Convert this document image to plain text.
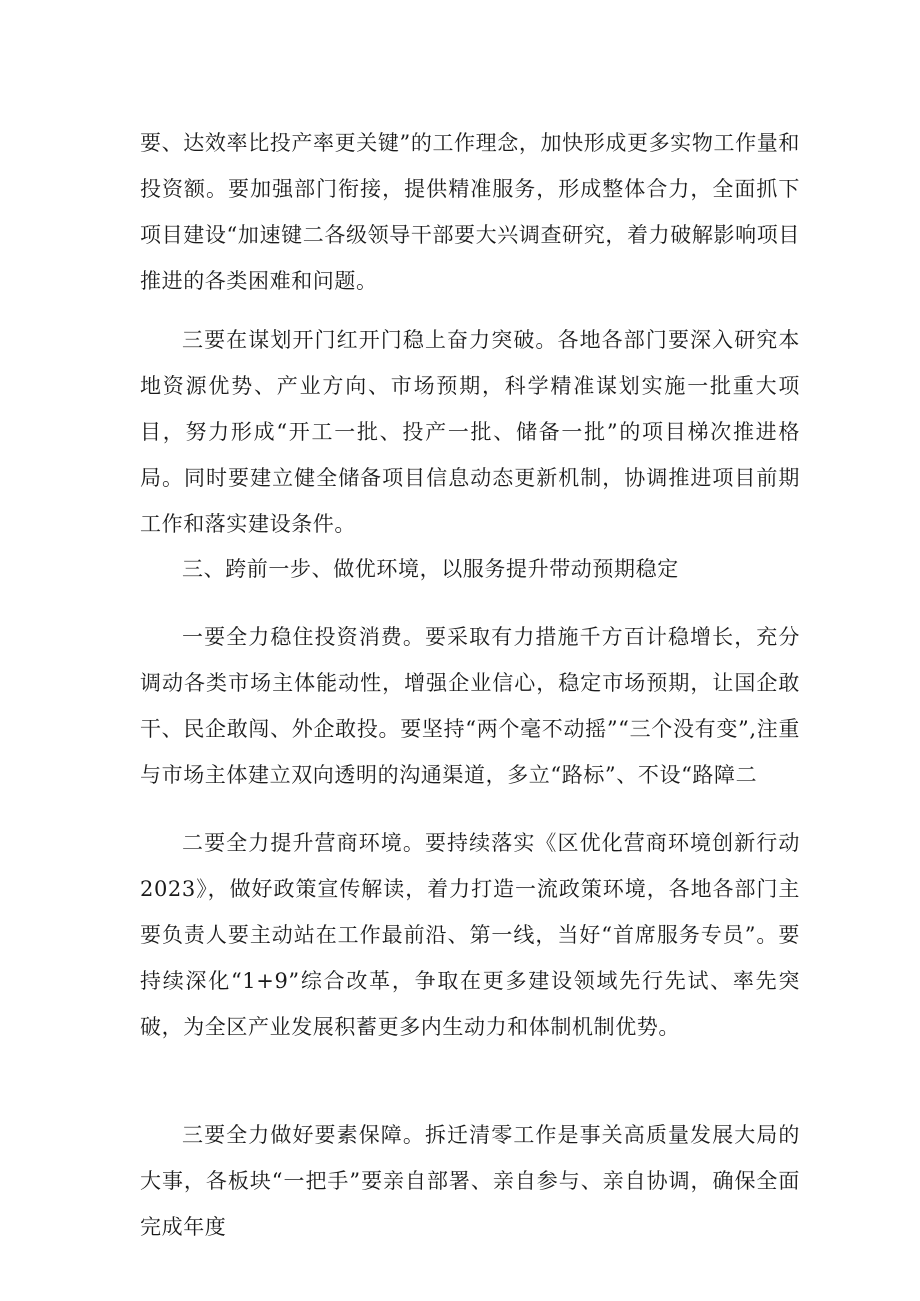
要、达效率比投产率更关键”的工作理念，加快形成更多实物工作量和投资额。要加强部门衔接，提供精准服务，形成整体合力，全面抓下项目建设“加速键二各级领导干部要大兴调查研究，着力破解影响项目推进的各类困难和问题。

三要在谋划开门红开门稳上奋力突破。各地各部门要深入研究本地资源优势、产业方向、市场预期，科学精准谋划实施一批重大项目，努力形成“开工一批、投产一批、储备一批”的项目梯次推进格局。同时要建立健全储备项目信息动态更新机制，协调推进项目前期工作和落实建设条件。

三、跨前一步、做优环境，以服务提升带动预期稳定

一要全力稳住投资消费。要采取有力措施千方百计稳增长，充分调动各类市场主体能动性，增强企业信心，稳定市场预期，让国企敢干、民企敢闯、外企敢投。要坚持“两个毫不动摇”“三个没有变”,注重与市场主体建立双向透明的沟通渠道，多立“路标”、不设“路障二

二要全力提升营商环境。要持续落实《区优化营商环境创新行动2023》，做好政策宣传解读，着力打造一流政策环境，各地各部门主要负责人要主动站在工作最前沿、第一线，当好“首席服务专员”。要持续深化“1+9”综合改革，争取在更多建设领域先行先试、率先突破，为全区产业发展积蓄更多内生动力和体制机制优势。

三要全力做好要素保障。拆迁清零工作是事关高质量发展大局的大事，各板块“一把手”要亲自部署、亲自参与、亲自协调，确保全面完成年度
